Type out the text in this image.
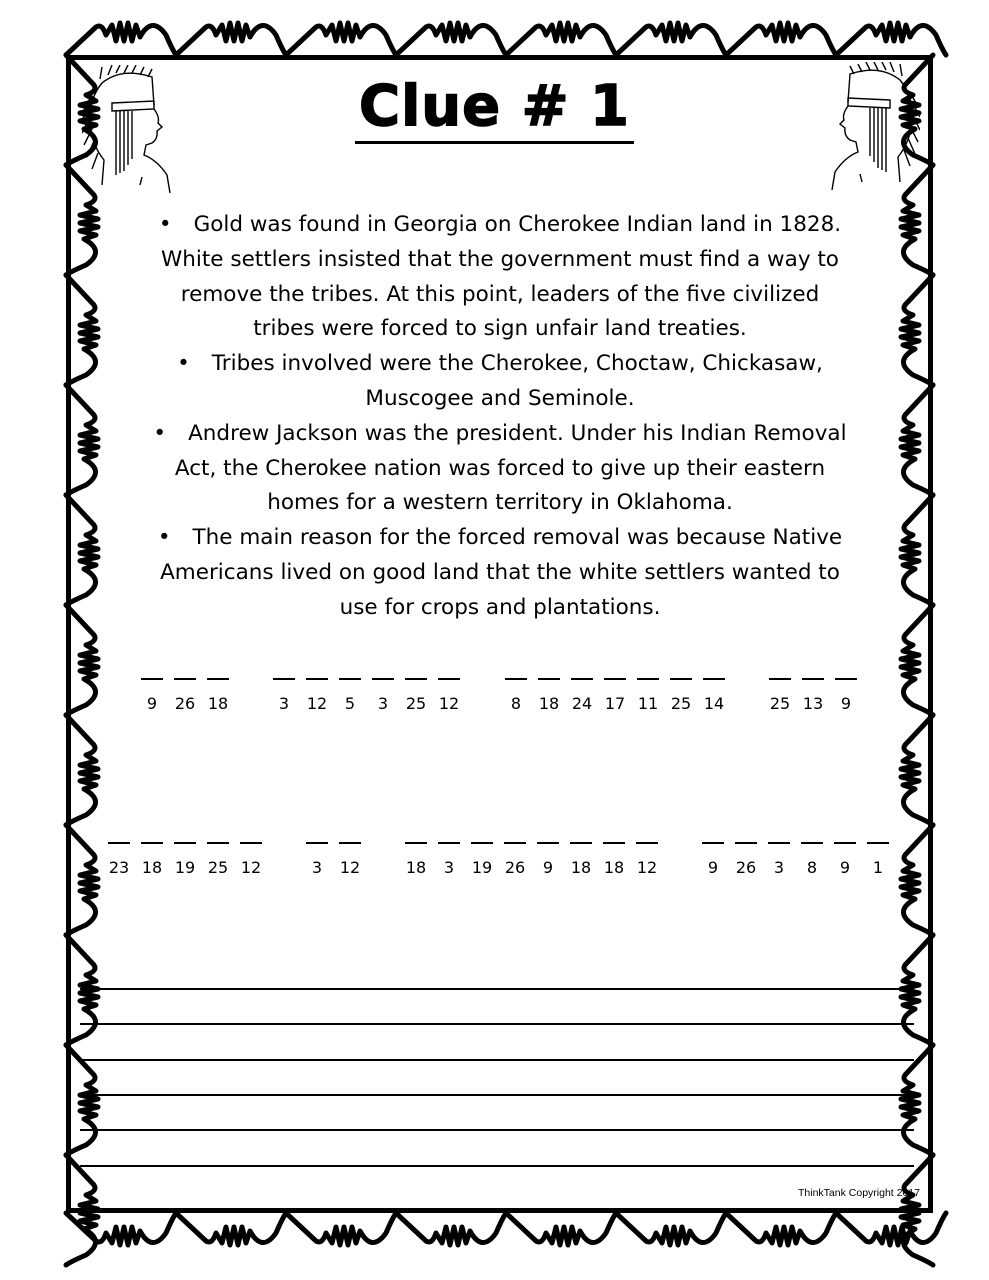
Clue # 1
• Gold was found in Georgia on Cherokee Indian land in 1828.
White settlers insisted that the government must find a way to
remove the tribes. At this point, leaders of the five civilized
tribes were forced to sign unfair land treaties.
• Tribes involved were the Cherokee, Choctaw, Chickasaw,
Muscogee and Seminole.
• Andrew Jackson was the president. Under his Indian Removal
Act, the Cherokee nation was forced to give up their eastern
homes for a western territory in Oklahoma.
• The main reason for the forced removal was because Native
Americans lived on good land that the white settlers wanted to
use for crops and plantations.
9	26 18	3	12	5	3	25 12	8	18 24 17 11 25 14	25 13	9
23 18 19 25 12	3	12	18	3	19 26	9	18 18 12	9	26	3	8	9	1
ThinkTank Copyright 2017
